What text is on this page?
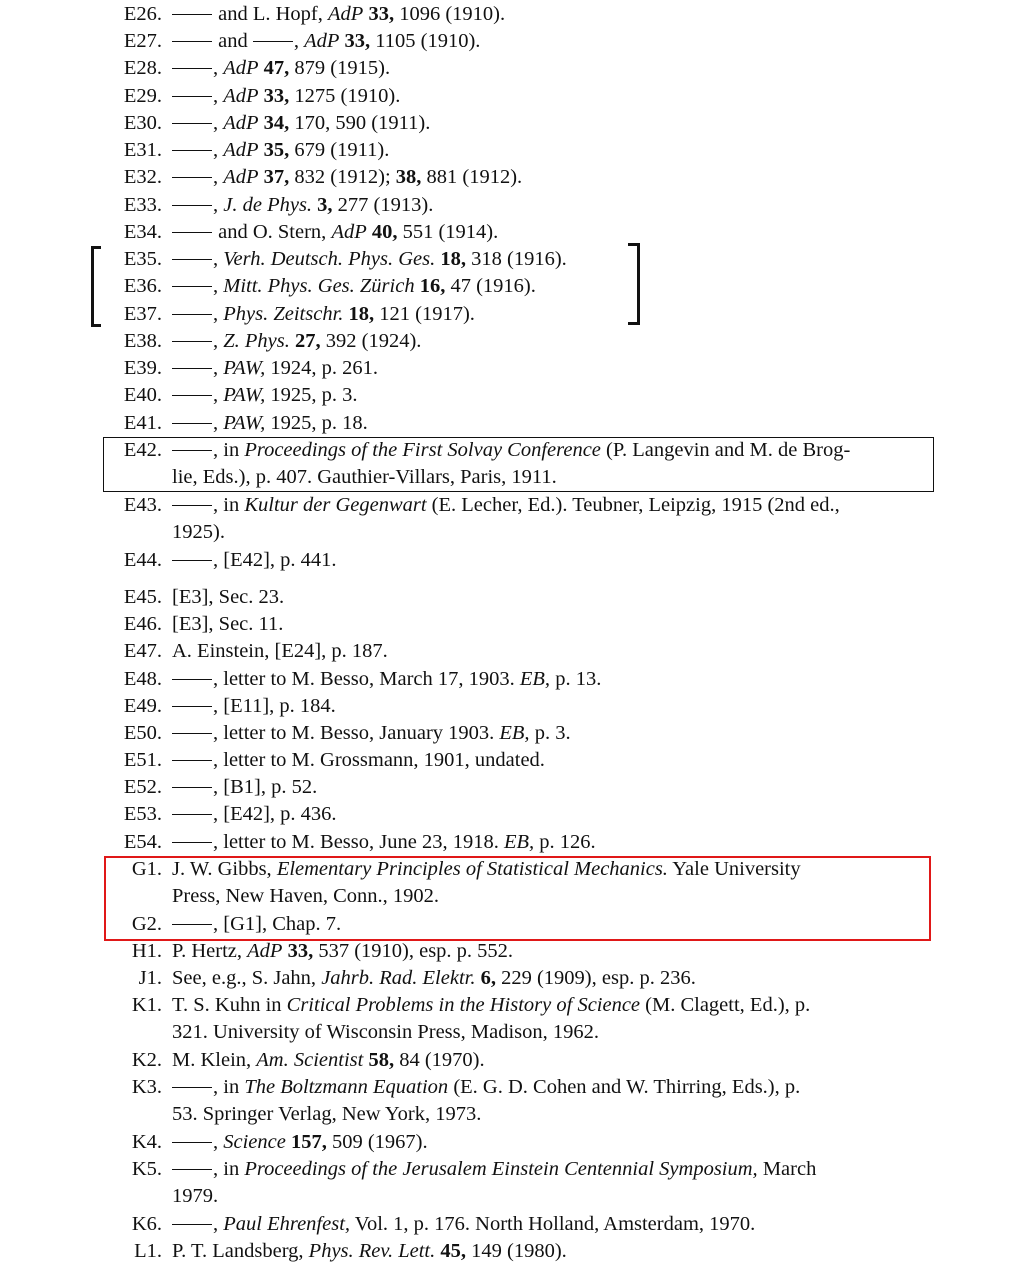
E26.	and L. Hopf, AdP 33, 1096 (1910).
E27.	and , AdP 33, 1105 (1910).
E28.	, AdP 47, 879 (1915).
E29.	, AdP 33, 1275 (1910).
E30.	, AdP 34, 170, 590 (1911).
E31.	, AdP 35, 679 (1911).
E32.	, AdP 37, 832 (1912); 38, 881 (1912).
E33.	, J. de Phys. 3, 277 (1913).
E34.	and O. Stern, AdP 40, 551 (1914).
E35.	, Verh. Deutsch. Phys. Ges. 18, 318 (1916).
E36.	, Mitt. Phys. Ges. Zürich 16, 47 (1916).
E37.	, Phys. Zeitschr. 18, 121 (1917).
E38.	, Z. Phys. 27, 392 (1924).
E39.	, PAW, 1924, p. 261.
E40.	, PAW, 1925, p. 3.
E41.	, PAW, 1925, p. 18.
E42.	, in Proceedings of the First Solvay Conference (P. Langevin and M. de Brog-
lie, Eds.), p. 407. Gauthier-Villars, Paris, 1911.
E43.	, in Kultur der Gegenwart (E. Lecher, Ed.). Teubner, Leipzig, 1915 (2nd ed.,
1925).
E44.	, [E42], p. 441.
E45. [E3], Sec. 23.
E46. [E3], Sec. 11.
E47. A. Einstein, [E24], p. 187.
E48.	, letter to M. Besso, March 17, 1903. EB, p. 13.
E49.	, [E11], p. 184.
E50.	, letter to M. Besso, January 1903. EB, p. 3.
E51.	, letter to M. Grossmann, 1901, undated.
E52.	, [B1], p. 52.
E53.	, [E42], p. 436.
E54.	, letter to M. Besso, June 23, 1918. EB, p. 126.
G1. J. W. Gibbs, Elementary Principles of Statistical Mechanics. Yale University
Press, New Haven, Conn., 1902.
G2.	, [G1], Chap. 7.
H1. P. Hertz, AdP 33, 537 (1910), esp. p. 552.
J1. See, e.g., S. Jahn, Jahrb. Rad. Elektr. 6, 229 (1909), esp. p. 236.
K1. T. S. Kuhn in Critical Problems in the History of Science (M. Clagett, Ed.), p.
321. University of Wisconsin Press, Madison, 1962.
K2. M. Klein, Am. Scientist 58, 84 (1970).
K3.	, in The Boltzmann Equation (E. G. D. Cohen and W. Thirring, Eds.), p.
53. Springer Verlag, New York, 1973.
K4.	, Science 157, 509 (1967).
K5.	, in Proceedings of the Jerusalem Einstein Centennial Symposium, March
1979.
K6.	, Paul Ehrenfest, Vol. 1, p. 176. North Holland, Amsterdam, 1970.
L1. P. T. Landsberg, Phys. Rev. Lett. 45, 149 (1980).
